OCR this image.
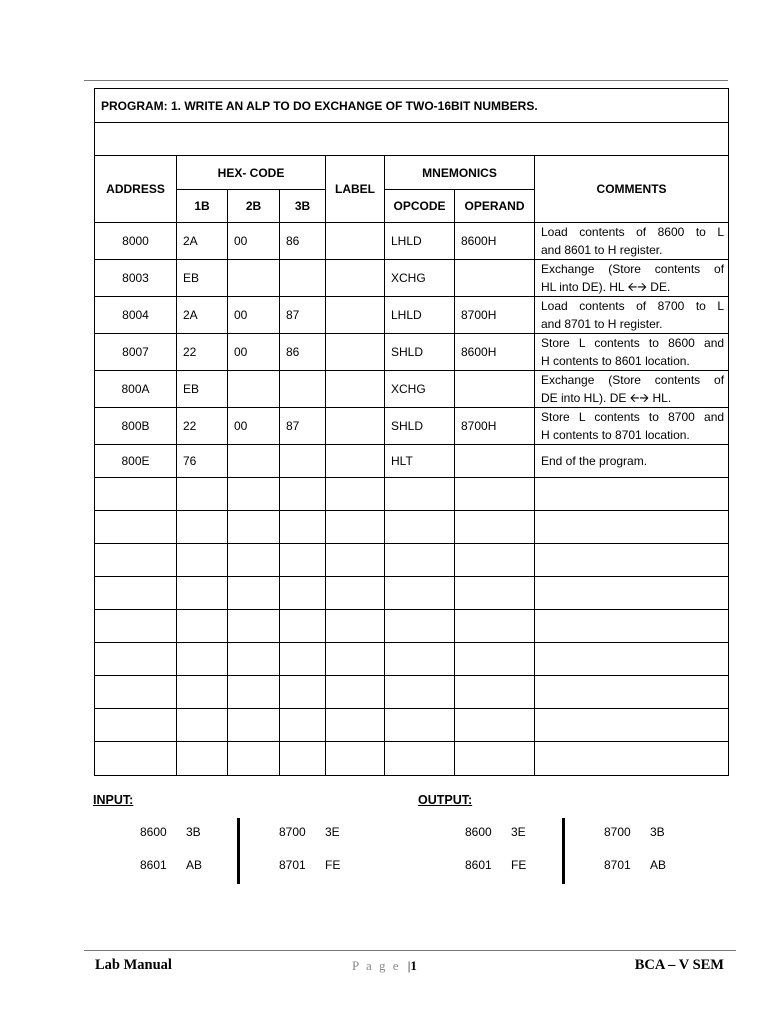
PROGRAM: 1. WRITE AN ALP TO DO EXCHANGE OF TWO-16BIT NUMBERS.							

ADDRESS	HEX- CODE			LABEL	MNEMONICS		COMMENTS
	1B	2B	3B		OPCODE	OPERAND	
8000	2A	00	86		LHLD	8600H	Load contents of 8600 to L
and 8601 to H register.

8003	EB				XCHG		Exchange (Store contents of
HL into DE). HL 🡨🡪 DE.

8004	2A	00	87		LHLD	8700H	Load contents of 8700 to L
and 8701 to H register.

8007	22	00	86		SHLD	8600H	Store L contents to 8600 and
H contents to 8601 location.

800A	EB				XCHG		Exchange (Store contents of
DE into HL). DE 🡨🡪 HL.

800B	22	00	87		SHLD	8700H	Store L contents to 8700 and
H contents to 8701 location.

800E	76				HLT		End of the program.

INPUT:	OUTPUT:
8600 3B
8601 AB
8700 3E
8701 FE
8600 3E
8601 FE
8700 3B
8701 AB
Lab Manual	P a g e |1	BCA – V SEM
